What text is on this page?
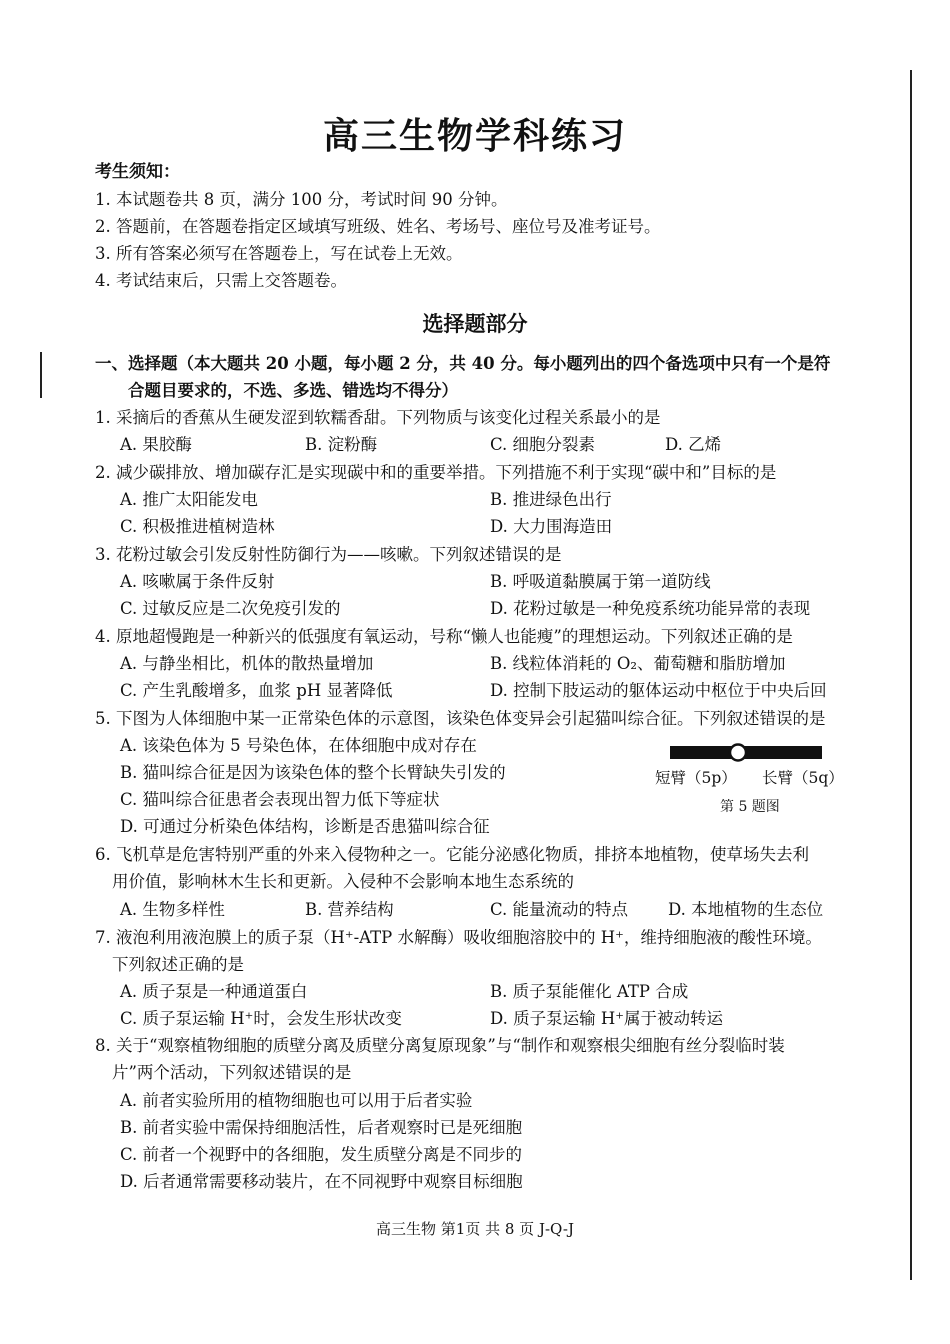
高三生物学科练习
考生须知：
1. 本试题卷共 8 页，满分 100 分，考试时间 90 分钟。
2. 答题前，在答题卷指定区域填写班级、姓名、考场号、座位号及准考证号。
3. 所有答案必须写在答题卷上，写在试卷上无效。
4. 考试结束后，只需上交答题卷。
选择题部分
一、选择题（本大题共 20 小题，每小题 2 分，共 40 分。每小题列出的四个备选项中只有一个是符
合题目要求的，不选、多选、错选均不得分）
1. 采摘后的香蕉从生硬发涩到软糯香甜。下列物质与该变化过程关系最小的是
A. 果胶酶	B. 淀粉酶	C. 细胞分裂素	D. 乙烯
2. 减少碳排放、增加碳存汇是实现碳中和的重要举措。下列措施不利于实现“碳中和”目标的是
A. 推广太阳能发电	B. 推进绿色出行
C. 积极推进植树造林	D. 大力围海造田
3. 花粉过敏会引发反射性防御行为——咳嗽。下列叙述错误的是
A. 咳嗽属于条件反射	B. 呼吸道黏膜属于第一道防线
C. 过敏反应是二次免疫引发的	D. 花粉过敏是一种免疫系统功能异常的表现
4. 原地超慢跑是一种新兴的低强度有氧运动，号称“懒人也能瘦”的理想运动。下列叙述正确的是
A. 与静坐相比，机体的散热量增加	B. 线粒体消耗的 O₂、葡萄糖和脂肪增加
C. 产生乳酸增多，血浆 pH 显著降低	D. 控制下肢运动的躯体运动中枢位于中央后回
5. 下图为人体细胞中某一正常染色体的示意图，该染色体变异会引起猫叫综合征。下列叙述错误的是
A. 该染色体为 5 号染色体，在体细胞中成对存在
B. 猫叫综合征是因为该染色体的整个长臂缺失引发的
C. 猫叫综合征患者会表现出智力低下等症状
D. 可通过分析染色体结构，诊断是否患猫叫综合征
短臂（5p） 长臂（5q）
第 5 题图
6. 飞机草是危害特别严重的外来入侵物种之一。它能分泌感化物质，排挤本地植物，使草场失去利
用价值，影响林木生长和更新。入侵种不会影响本地生态系统的
A. 生物多样性	B. 营养结构	C. 能量流动的特点 D. 本地植物的生态位
7. 液泡利用液泡膜上的质子泵（H⁺-ATP 水解酶）吸收细胞溶胶中的 H⁺，维持细胞液的酸性环境。
下列叙述正确的是
A. 质子泵是一种通道蛋白	B. 质子泵能催化 ATP 合成
C. 质子泵运输 H⁺时，会发生形状改变	D. 质子泵运输 H⁺属于被动转运
8. 关于“观察植物细胞的质壁分离及质壁分离复原现象”与“制作和观察根尖细胞有丝分裂临时装
片”两个活动，下列叙述错误的是
A. 前者实验所用的植物细胞也可以用于后者实验
B. 前者实验中需保持细胞活性，后者观察时已是死细胞
C. 前者一个视野中的各细胞，发生质壁分离是不同步的
D. 后者通常需要移动装片，在不同视野中观察目标细胞
高三生物 第1页 共 8 页 J-Q-J
